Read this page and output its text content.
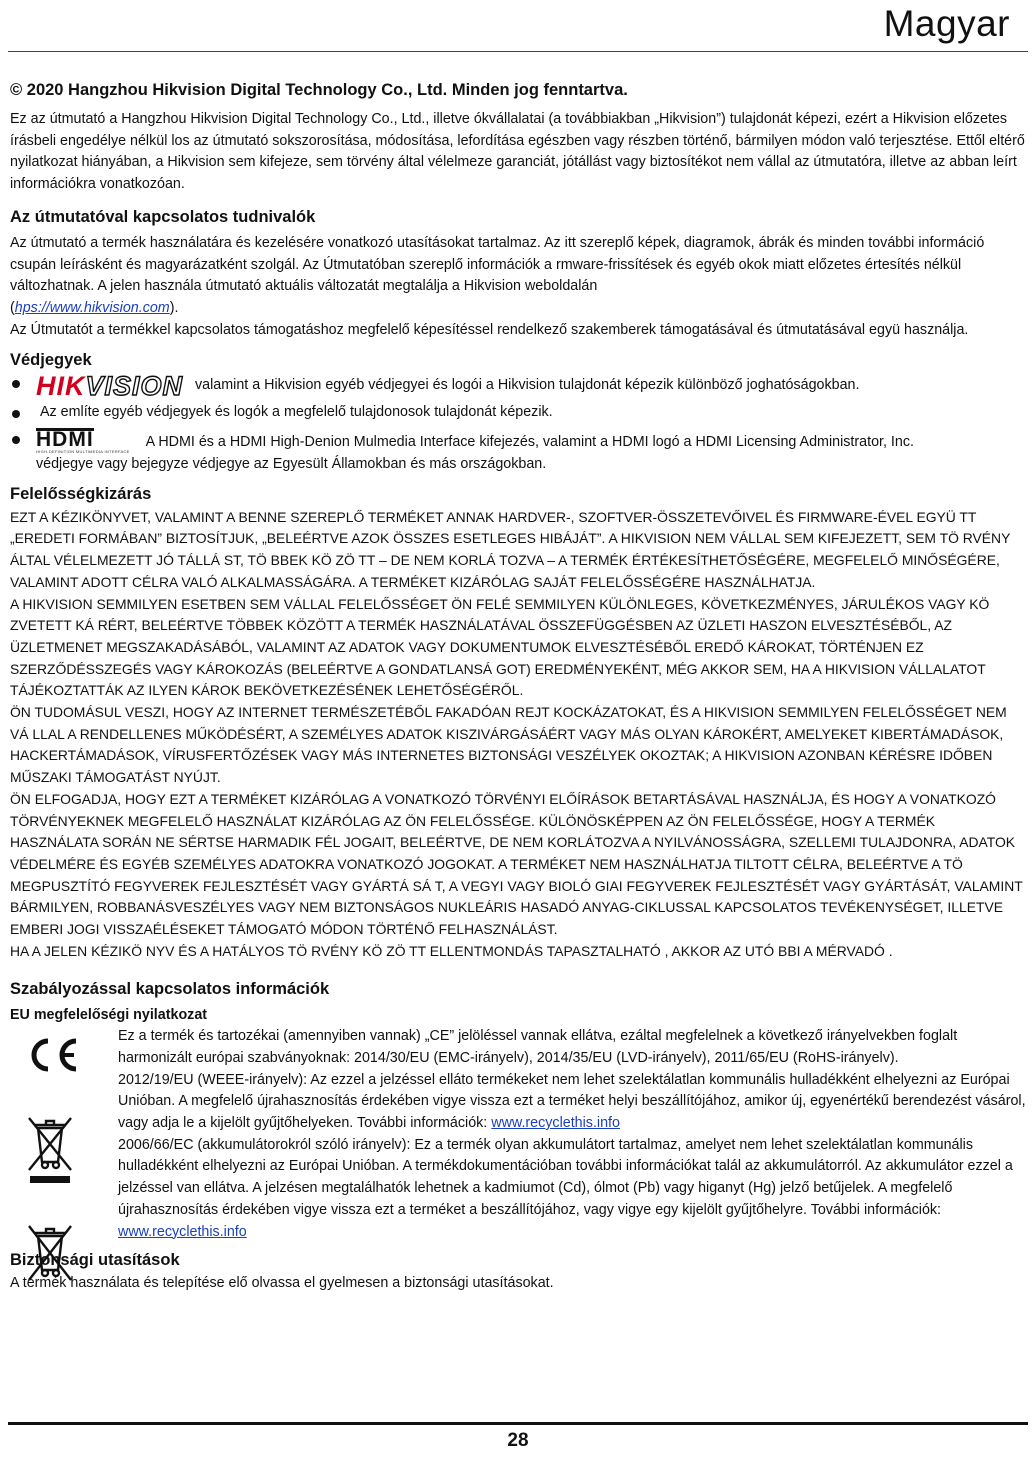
Magyar

© 2020 Hangzhou Hikvision Digital Technology Co., Ltd. Minden jog fenntartva.

Ez az útmutató a Hangzhou Hikvision Digital Technology Co., Ltd., illetve ókvállalatai (a továbbiakban „Hikvision”) tulajdonát képezi, ezért a Hikvision előzetes írásbeli engedélye nélkül los az útmutató sokszorosítása, módosítása, lefordítása egészben vagy részben történő, bármilyen módon való terjesztése. Ettől eltérő nyilatkozat hiányában, a Hikvision sem kifejeze, sem törvény által vélelmeze garanciát, jótállást vagy biztosítékot nem vállal az útmutatóra, illetve az abban leírt információkra vonatkozóan.

Az útmutatóval kapcsolatos tudnivalók

Az útmutató a termék használatára és kezelésére vonatkozó utasításokat tartalmaz. Az itt szereplő képek, diagramok, ábrák és minden további információ csupán leírásként és magyarázatként szolgál. Az Útmutatóban szereplő információk a rmware-frissítések és egyéb okok miatt előzetes értesítés nélkül változhatnak. A jelen használa útmutató aktuális változatát megtalálja a Hikvision weboldalán
(hps://www.hikvision.com).

Az Útmutatót a termékkel kapcsolatos támogatáshoz megfelelő képesítéssel rendelkező szakemberek támogatásával és útmutatásával együ használja.

Védjegyek
HIKVISION valamint a Hikvision egyéb védjegyei és logói a Hikvision tulajdonát képezik különböző joghatóságokban.
Az említe egyéb védjegyek és logók a megfelelő tulajdonosok tulajdonát képezik.
HDMI
HIGH-DEFINITION MULTIMEDIA INTERFACE
A HDMI és a HDMI High-Denion Mulmedia Interface kifejezés, valamint a HDMI logó a HDMI Licensing Administrator, Inc.
védjegye vagy bejegyze védjegye az Egyesült Államokban és más országokban.
Felelősségkizárás

EZT A KÉZIKÖNYVET, VALAMINT A BENNE SZEREPLŐ TERMÉKET ANNAK HARDVER-, SZOFTVER-ÖSSZETEVŐIVEL ÉS FIRMWARE-ÉVEL EGYÜ TT „EREDETI FORMÁBAN” BIZTOSÍTJUK, „BELEÉRTVE AZOK ÖSSZES ESETLEGES HIBÁJÁT”. A HIKVISION NEM VÁLLAL SEM KIFEJEZETT, SEM TÖ RVÉNY ÁLTAL VÉLELMEZETT JÓ TÁLLÁ ST, TÖ BBEK KÖ ZÖ TT – DE NEM KORLÁ TOZVA – A TERMÉK ÉRTÉKESÍTHETŐSÉGÉRE, MEGFELELŐ MINŐSÉGÉRE, VALAMINT ADOTT CÉLRA VALÓ ALKALMASSÁGÁRA. A TERMÉKET KIZÁRÓLAG SAJÁT FELELŐSSÉGÉRE HASZNÁLHATJA.

A HIKVISION SEMMILYEN ESETBEN SEM VÁLLAL FELELŐSSÉGET ÖN FELÉ SEMMILYEN KÜLÖNLEGES, KÖVETKEZMÉNYES, JÁRULÉKOS VAGY KÖ ZVETETT KÁ RÉRT, BELEÉRTVE TÖBBEK KÖZÖTT A TERMÉK HASZNÁLATÁVAL ÖSSZEFÜGGÉSBEN AZ ÜZLETI HASZON ELVESZTÉSÉBŐL, AZ ÜZLETMENET MEGSZAKADÁSÁBÓL, VALAMINT AZ ADATOK VAGY DOKUMENTUMOK ELVESZTÉSÉBŐL EREDŐ KÁROKAT, TÖRTÉNJEN EZ SZERZŐDÉSSZEGÉS VAGY KÁROKOZÁS (BELEÉRTVE A GONDATLANSÁ GOT) EREDMÉNYEKÉNT, MÉG AKKOR SEM, HA A HIKVISION VÁLLALATOT TÁJÉKOZTATTÁK AZ ILYEN KÁROK BEKÖVETKEZÉSÉNEK LEHETŐSÉGÉRŐL.

ÖN TUDOMÁSUL VESZI, HOGY AZ INTERNET TERMÉSZETÉBŐL FAKADÓAN REJT KOCKÁZATOKAT, ÉS A HIKVISION SEMMILYEN FELELŐSSÉGET NEM VÁ LLAL A RENDELLENES MŰKÖDÉSÉRT, A SZEMÉLYES ADATOK KISZIVÁRGÁSÁÉRT VAGY MÁS OLYAN KÁROKÉRT, AMELYEKET KIBERTÁMADÁSOK, HACKERTÁMADÁSOK, VÍRUSFERTŐZÉSEK VAGY MÁS INTERNETES BIZTONSÁGI VESZÉLYEK OKOZTAK; A HIKVISION AZONBAN KÉRÉSRE IDŐBEN MŰSZAKI TÁMOGATÁST NYÚJT.

ÖN ELFOGADJA, HOGY EZT A TERMÉKET KIZÁRÓLAG A VONATKOZÓ TÖRVÉNYI ELŐÍRÁSOK BETARTÁSÁVAL HASZNÁLJA, ÉS HOGY A VONATKOZÓ TÖRVÉNYEKNEK MEGFELELŐ HASZNÁLAT KIZÁRÓLAG AZ ÖN FELELŐSSÉGE. KÜLÖNÖSKÉPPEN AZ ÖN FELELŐSSÉGE, HOGY A TERMÉK HASZNÁLATA SORÁN NE SÉRTSE HARMADIK FÉL JOGAIT, BELEÉRTVE, DE NEM KORLÁTOZVA A NYILVÁNOSSÁGRA, SZELLEMI TULAJDONRA, ADATOK VÉDELMÉRE ÉS EGYÉB SZEMÉLYES ADATOKRA VONATKOZÓ JOGOKAT. A TERMÉKET NEM HASZNÁLHATJA TILTOTT CÉLRA, BELEÉRTVE A TÖ MEGPUSZTÍTÓ FEGYVEREK FEJLESZTÉSÉT VAGY GYÁRTÁ SÁ T, A VEGYI VAGY BIOLÓ GIAI FEGYVEREK FEJLESZTÉSÉT VAGY GYÁRTÁSÁT, VALAMINT BÁRMILYEN, ROBBANÁSVESZÉLYES VAGY NEM BIZTONSÁGOS NUKLEÁRIS HASADÓ ANYAG-CIKLUSSAL KAPCSOLATOS TEVÉKENYSÉGET, ILLETVE EMBERI JOGI VISSZAÉLÉSEKET TÁMOGATÓ MÓDON TÖRTÉNŐ FELHASZNÁLÁST.

HA A JELEN KÉZIKÖ NYV ÉS A HATÁLYOS TÖ RVÉNY KÖ ZÖ TT ELLENTMONDÁS TAPASZTALHATÓ , AKKOR AZ UTÓ BBI A MÉRVADÓ .

Szabályozással kapcsolatos információk
EU megfelelőségi nyilatkozat

Ez a termék és tartozékai (amennyiben vannak) „CE” jelöléssel vannak ellátva, ezáltal megfelelnek a következő irányelvekben foglalt harmonizált európai szabványoknak: 2014/30/EU (EMC-irányelv), 2014/35/EU (LVD-irányelv), 2011/65/EU (RoHS-irányelv).

2012/19/EU (WEEE-irányelv): Az ezzel a jelzéssel elláto termékeket nem lehet szelektálatlan kommunális hulladékként elhelyezni az Európai Unióban. A megfelelő újrahasznosítás érdekében vigye vissza ezt a terméket helyi beszállítójához, amikor új, egyenértékű berendezést vásárol, vagy adja le a kijelölt gyűjtőhelyeken. További információk: www.recyclethis.info

2006/66/EC (akkumulátorokról szóló irányelv): Ez a termék olyan akkumulátort tartalmaz, amelyet nem lehet szelektálatlan kommunális hulladékként elhelyezni az Európai Unióban. A termékdokumentációban további információkat talál az akkumulátorról. Az akkumulátor ezzel a jelzéssel van ellátva. A jelzésen megtalálhatók lehetnek a kadmiumot (Cd), ólmot (Pb) vagy higanyt (Hg) jelző betűjelek. A megfelelő újrahasznosítás érdekében vigye vissza ezt a terméket a beszállítójához, vagy vigye egy kijelölt gyűjtőhelyre. További információk:
www.recyclethis.info

Biztonsági utasítások

A termék használata és telepítése elő olvassa el gyelmesen a biztonsági utasításokat.

28
